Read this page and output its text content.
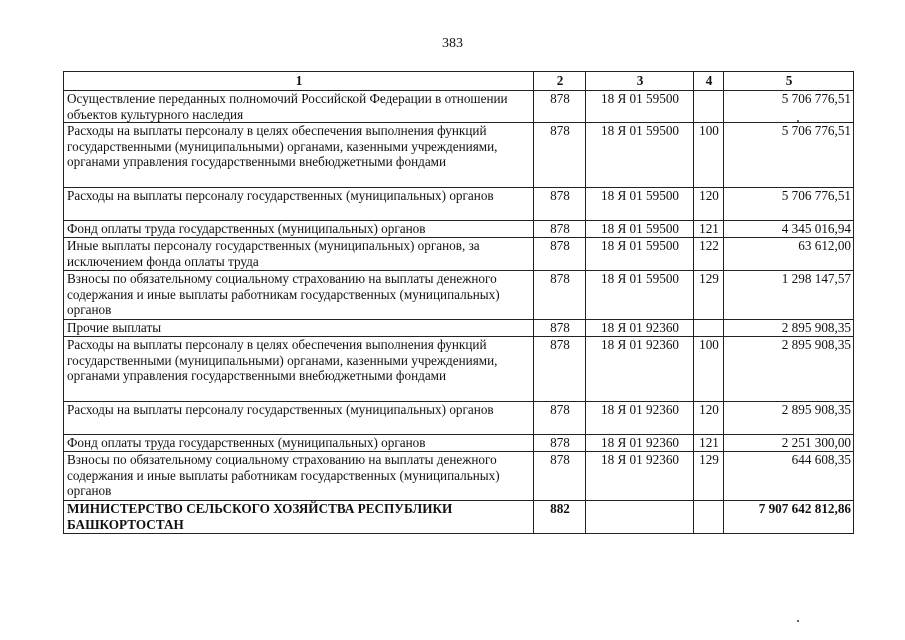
383
1	2	3	4	5
Осуществление переданных полномочий Российской Федерации в отношении объектов культурного наследия	878	18 Я 01 59500		5 706 776,51
Расходы на выплаты персоналу в целях обеспечения выполнения функций государственными (муниципальными) органами, казенными учреждениями, органами управления государственными внебюджетными фондами	878	18 Я 01 59500	100	5 706 776,51
Расходы на выплаты персоналу государственных (муниципальных) органов	878	18 Я 01 59500	120	5 706 776,51
Фонд оплаты труда государственных (муниципальных) органов	878	18 Я 01 59500	121	4 345 016,94
Иные выплаты персоналу государственных (муниципальных) органов, за исключением фонда оплаты труда	878	18 Я 01 59500	122	63 612,00
Взносы по обязательному социальному страхованию на выплаты денежного содержания и иные выплаты работникам государственных (муниципальных) органов	878	18 Я 01 59500	129	1 298 147,57
Прочие выплаты	878	18 Я 01 92360		2 895 908,35
Расходы на выплаты персоналу в целях обеспечения выполнения функций государственными (муниципальными) органами, казенными учреждениями, органами управления государственными внебюджетными фондами	878	18 Я 01 92360	100	2 895 908,35
Расходы на выплаты персоналу государственных (муниципальных) органов	878	18 Я 01 92360	120	2 895 908,35
Фонд оплаты труда государственных (муниципальных) органов	878	18 Я 01 92360	121	2 251 300,00
Взносы по обязательному социальному страхованию на выплаты денежного содержания и иные выплаты работникам государственных (муниципальных) органов	878	18 Я 01 92360	129	644 608,35
МИНИСТЕРСТВО СЕЛЬСКОГО ХОЗЯЙСТВА РЕСПУБЛИКИ БАШКОРТОСТАН	882			7 907 642 812,86
